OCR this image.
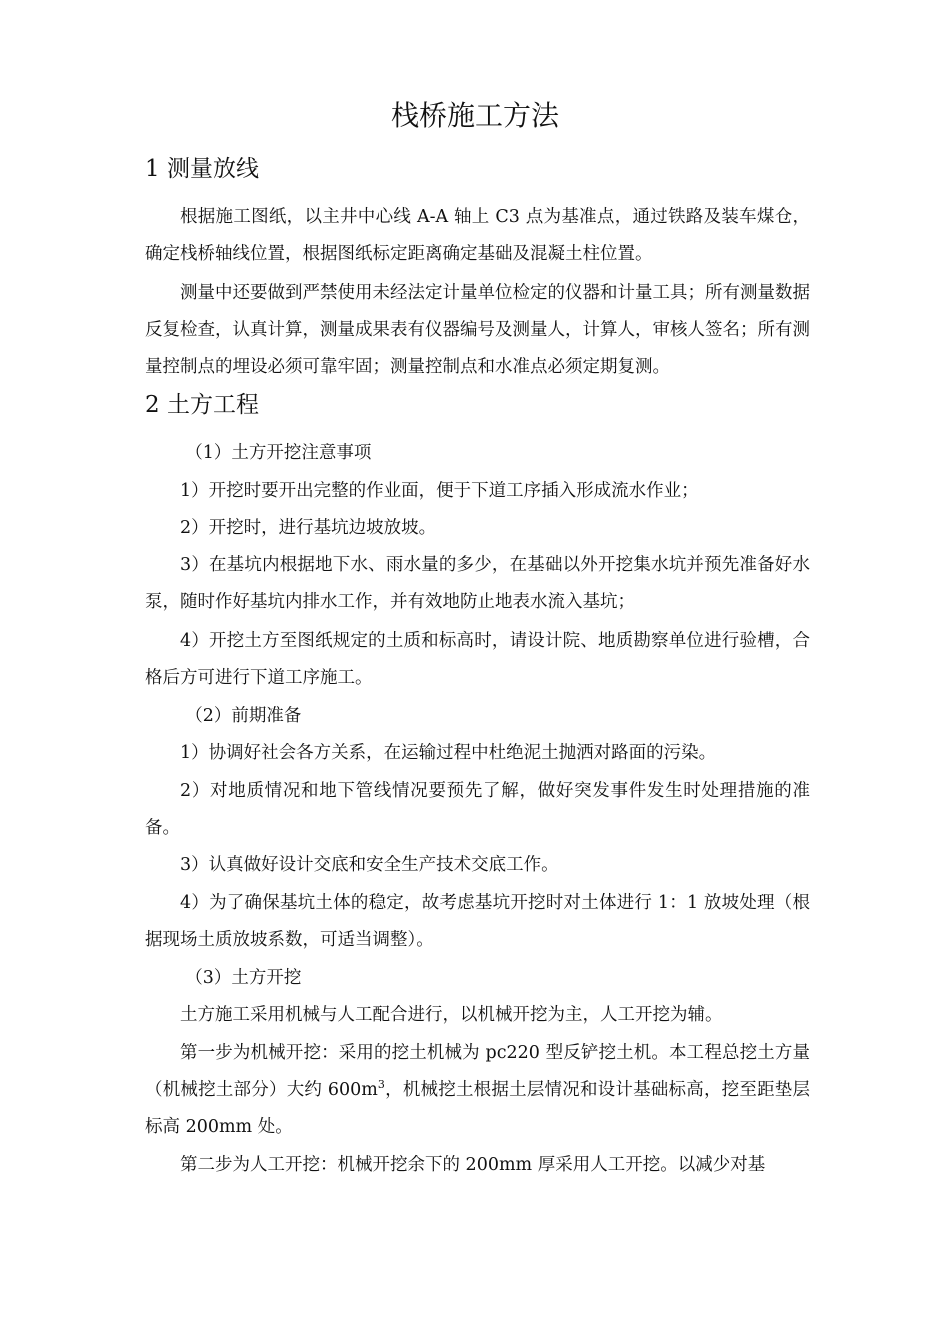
栈桥施工方法
1 测量放线

根据施工图纸，以主井中心线 A-A 轴上 C3 点为基准点，通过铁路及装车煤仓，确定栈桥轴线位置，根据图纸标定距离确定基础及混凝土柱位置。

测量中还要做到严禁使用未经法定计量单位检定的仪器和计量工具；所有测量数据反复检查，认真计算，测量成果表有仪器编号及测量人，计算人，审核人签名；所有测量控制点的埋设必须可靠牢固；测量控制点和水准点必须定期复测。

2 土方工程

（1）土方开挖注意事项

1）开挖时要开出完整的作业面，便于下道工序插入形成流水作业；

2）开挖时，进行基坑边坡放坡。

3）在基坑内根据地下水、雨水量的多少，在基础以外开挖集水坑并预先准备好水泵，随时作好基坑内排水工作，并有效地防止地表水流入基坑；

4）开挖土方至图纸规定的土质和标高时，请设计院、地质勘察单位进行验槽，合格后方可进行下道工序施工。

（2）前期准备

1）协调好社会各方关系，在运输过程中杜绝泥土抛洒对路面的污染。

2）对地质情况和地下管线情况要预先了解，做好突发事件发生时处理措施的准备。

3）认真做好设计交底和安全生产技术交底工作。

4）为了确保基坑土体的稳定，故考虑基坑开挖时对土体进行 1：1 放坡处理（根据现场土质放坡系数，可适当调整）。

（3）土方开挖

土方施工采用机械与人工配合进行，以机械开挖为主，人工开挖为辅。

第一步为机械开挖：采用的挖土机械为 pc220 型反铲挖土机。本工程总挖土方量（机械挖土部分）大约 $600m^3$，机械挖土根据土层情况和设计基础标高，挖至距垫层标高 200mm 处。

第二步为人工开挖：机械开挖余下的 200mm 厚采用人工开挖。以减少对基
